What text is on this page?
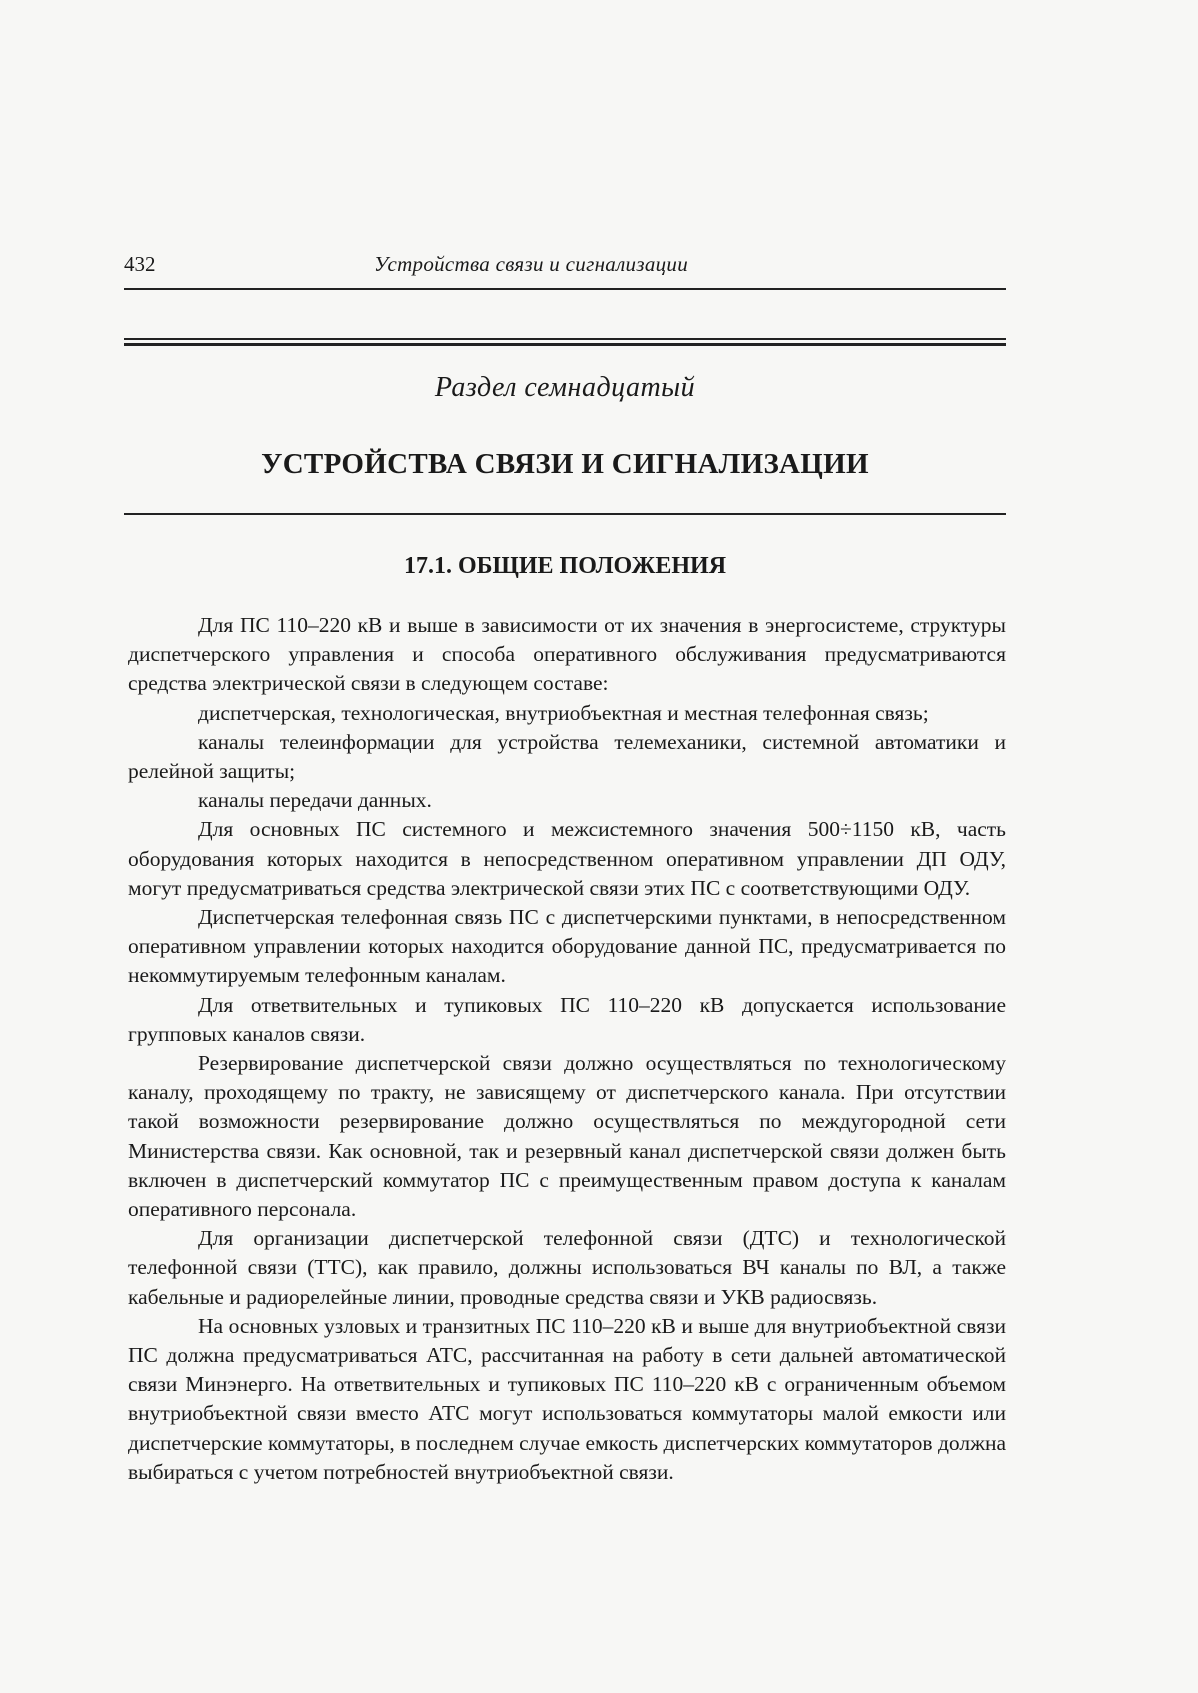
432	Устройства связи и сигнализации
Раздел семнадцатый
УСТРОЙСТВА СВЯЗИ И СИГНАЛИЗАЦИИ
17.1. ОБЩИЕ ПОЛОЖЕНИЯ

Для ПС 110–220 кВ и выше в зависимости от их значения в энергосистеме, структуры диспетчерского управления и способа оперативного обслуживания предусматриваются средства электрической связи в следующем составе:

диспетчерская, технологическая, внутриобъектная и местная телефонная связь;

каналы телеинформации для устройства телемеханики, системной автоматики и релейной защиты;

каналы передачи данных.

Для основных ПС системного и межсистемного значения 500÷1150 кВ, часть оборудования которых находится в непосредственном оперативном управлении ДП ОДУ, могут предусматриваться средства электрической связи этих ПС с соответствующими ОДУ.

Диспетчерская телефонная связь ПС с диспетчерскими пунктами, в непосредственном оперативном управлении которых находится оборудование данной ПС, предусматривается по некоммутируемым телефонным каналам.

Для ответвительных и тупиковых ПС 110–220 кВ допускается использование групповых каналов связи.

Резервирование диспетчерской связи должно осуществляться по технологическому каналу, проходящему по тракту, не зависящему от диспетчерского канала. При отсутствии такой возможности резервирование должно осуществляться по междугородной сети Министерства связи. Как основной, так и резервный канал диспетчерской связи должен быть включен в диспетчерский коммутатор ПС с преимущественным правом доступа к каналам оперативного персонала.

Для организации диспетчерской телефонной связи (ДТС) и технологической телефонной связи (ТТС), как правило, должны использоваться ВЧ каналы по ВЛ, а также кабельные и радиорелейные линии, проводные средства связи и УКВ радиосвязь.

На основных узловых и транзитных ПС 110–220 кВ и выше для внутриобъектной связи ПС должна предусматриваться АТС, рассчитанная на работу в сети дальней автоматической связи Минэнерго. На ответвительных и тупиковых ПС 110–220 кВ с ограниченным объемом внутриобъектной связи вместо АТС могут использоваться коммутаторы малой емкости или диспетчерские коммутаторы, в последнем случае емкость диспетчерских коммутаторов должна выбираться с учетом потребностей внутриобъектной связи.
